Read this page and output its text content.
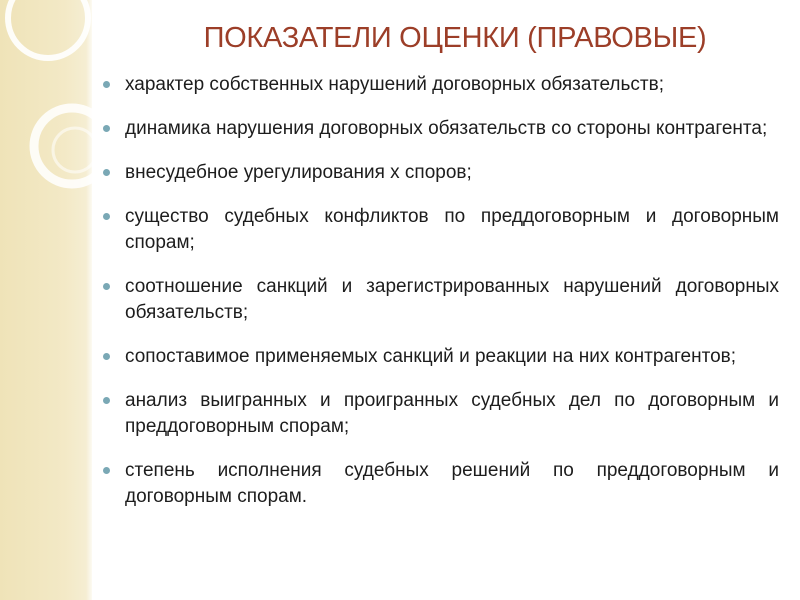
ПОКАЗАТЕЛИ ОЦЕНКИ (ПРАВОВЫЕ)
характер собственных нарушений договорных обязательств;
динамика нарушения договорных обязательств со стороны контрагента;
внесудебное урегулирования х споров;
существо судебных конфликтов по преддоговорным и договорным спорам;
соотношение санкций и зарегистрированных нарушений договорных обязательств;
сопоставимое применяемых санкций и реакции на них контрагентов;
анализ выигранных и проигранных судебных дел по договорным и преддоговорным спорам;
степень исполнения судебных решений по преддоговорным и договорным спорам.
